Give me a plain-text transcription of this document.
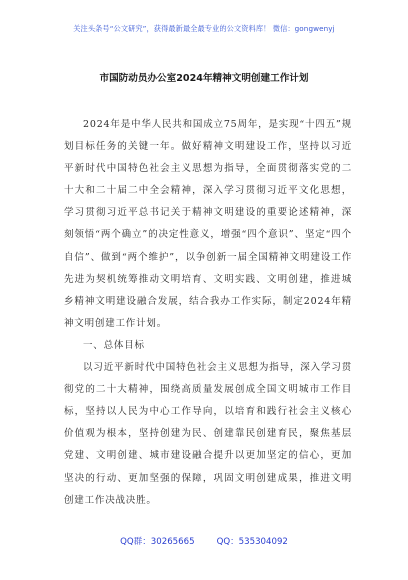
关注头条号“公文研究”，获得最新最全最专业的公文资料库！ 微信：gongwenyj
市国防动员办公室2024年精神文明创建工作计划

2024年是中华人民共和国成立75周年，是实现“十四五”规划目标任务的关键一年。做好精神文明建设工作，坚持以习近平新时代中国特色社会主义思想为指导，全面贯彻落实党的二十大和二十届二中全会精神，深入学习贯彻习近平文化思想，学习贯彻习近平总书记关于精神文明建设的重要论述精神，深刻领悟“两个确立”的决定性意义，增强“四个意识”、坚定“四个自信”、做到“两个维护”，以争创新一届全国精神文明建设工作先进为契机统筹推动文明培育、文明实践、文明创建，推进城乡精神文明建设融合发展，结合我办工作实际，制定2024年精神文明创建工作计划。

一、总体目标

以习近平新时代中国特色社会主义思想为指导，深入学习贯彻党的二十大精神，围绕高质量发展创成全国文明城市工作目标，坚持以人民为中心工作导向，以培育和践行社会主义核心价值观为根本，坚持创建为民、创建靠民创建育民，聚焦基层党建、文明创建、城市建设融合提升以更加坚定的信心，更加坚决的行动、更加坚强的保障，巩固文明创建成果，推进文明创建工作决战决胜。

QQ群：30265665	QQ：535304092
